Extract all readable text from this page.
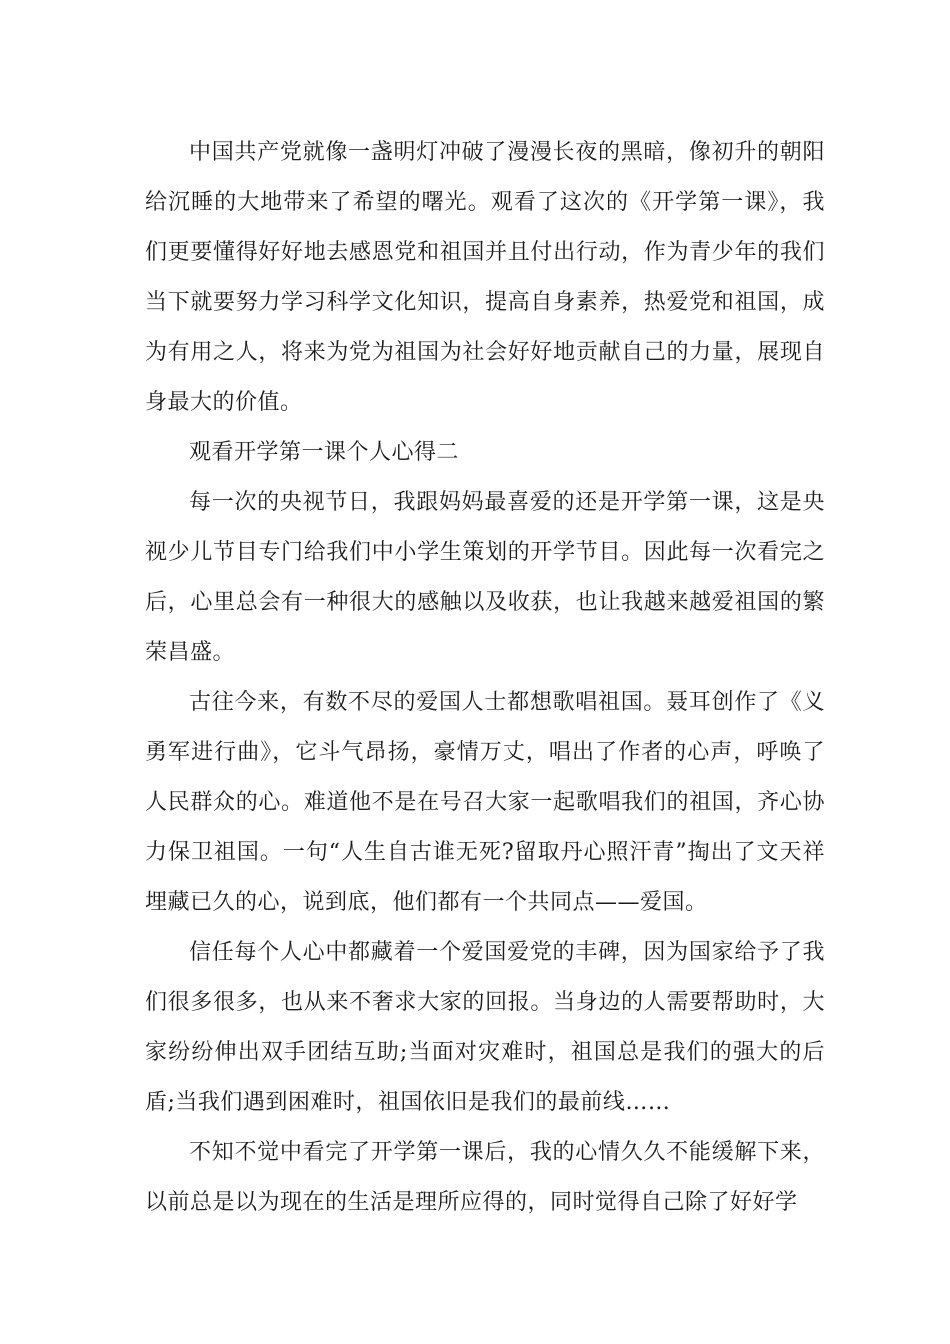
中国共产党就像一盏明灯冲破了漫漫长夜的黑暗，像初升的朝阳给沉睡的大地带来了希望的曙光。观看了这次的《开学第一课》，我们更要懂得好好地去感恩党和祖国并且付出行动，作为青少年的我们当下就要努力学习科学文化知识，提高自身素养，热爱党和祖国，成为有用之人，将来为党为祖国为社会好好地贡献自己的力量，展现自身最大的价值。

观看开学第一课个人心得二

每一次的央视节日，我跟妈妈最喜爱的还是开学第一课，这是央视少儿节目专门给我们中小学生策划的开学节目。因此每一次看完之后，心里总会有一种很大的感触以及收获，也让我越来越爱祖国的繁荣昌盛。

古往今来，有数不尽的爱国人士都想歌唱祖国。聂耳创作了《义勇军进行曲》，它斗气昂扬，豪情万丈，唱出了作者的心声，呼唤了人民群众的心。难道他不是在号召大家一起歌唱我们的祖国，齐心协力保卫祖国。一句“人生自古谁无死?留取丹心照汗青”掏出了文天祥埋藏已久的心，说到底，他们都有一个共同点——爱国。

信任每个人心中都藏着一个爱国爱党的丰碑，因为国家给予了我们很多很多，也从来不奢求大家的回报。当身边的人需要帮助时，大家纷纷伸出双手团结互助;当面对灾难时，祖国总是我们的强大的后盾;当我们遇到困难时，祖国依旧是我们的最前线……

不知不觉中看完了开学第一课后，我的心情久久不能缓解下来，以前总是以为现在的生活是理所应得的，同时觉得自己除了好好学
